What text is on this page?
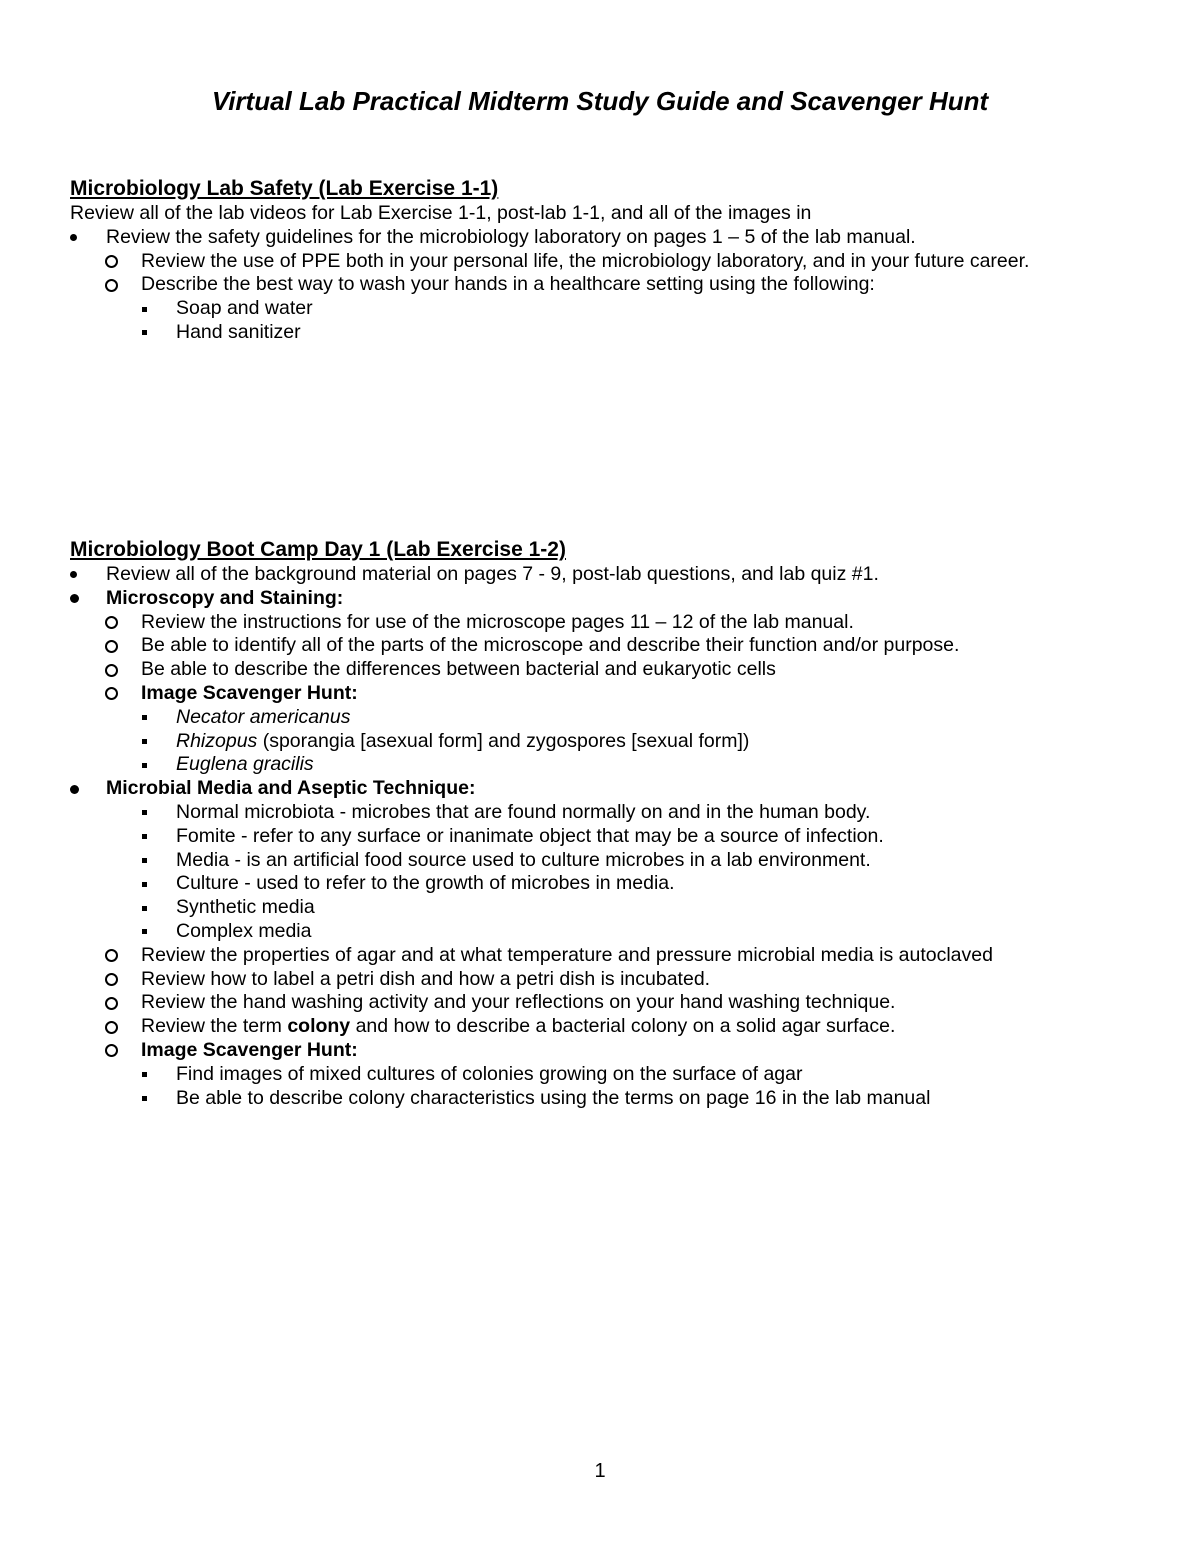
Virtual Lab Practical Midterm Study Guide and Scavenger Hunt
Microbiology Lab Safety (Lab Exercise 1-1)
Review all of the lab videos for Lab Exercise 1-1, post-lab 1-1, and all of the images in
Review the safety guidelines for the microbiology laboratory on pages 1 – 5 of the lab manual.
Review the use of PPE both in your personal life, the microbiology laboratory, and in your future career.
Describe the best way to wash your hands in a healthcare setting using the following:
Soap and water
Hand sanitizer
Microbiology Boot Camp Day 1 (Lab Exercise 1-2)
Review all of the background material on pages 7 - 9, post-lab questions, and lab quiz #1.
Microscopy and Staining:
Review the instructions for use of the microscope pages 11 – 12 of the lab manual.
Be able to identify all of the parts of the microscope and describe their function and/or purpose.
Be able to describe the differences between bacterial and eukaryotic cells
Image Scavenger Hunt:
Necator americanus
Rhizopus (sporangia [asexual form] and zygospores [sexual form])
Euglena gracilis
Microbial Media and Aseptic Technique:
Normal microbiota - microbes that are found normally on and in the human body.
Fomite - refer to any surface or inanimate object that may be a source of infection.
Media - is an artificial food source used to culture microbes in a lab environment.
Culture - used to refer to the growth of microbes in media.
Synthetic media
Complex media
Review the properties of agar and at what temperature and pressure microbial media is autoclaved
Review how to label a petri dish and how a petri dish is incubated.
Review the hand washing activity and your reflections on your hand washing technique.
Review the term colony and how to describe a bacterial colony on a solid agar surface.
Image Scavenger Hunt:
Find images of mixed cultures of colonies growing on the surface of agar
Be able to describe colony characteristics using the terms on page 16 in the lab manual
1
